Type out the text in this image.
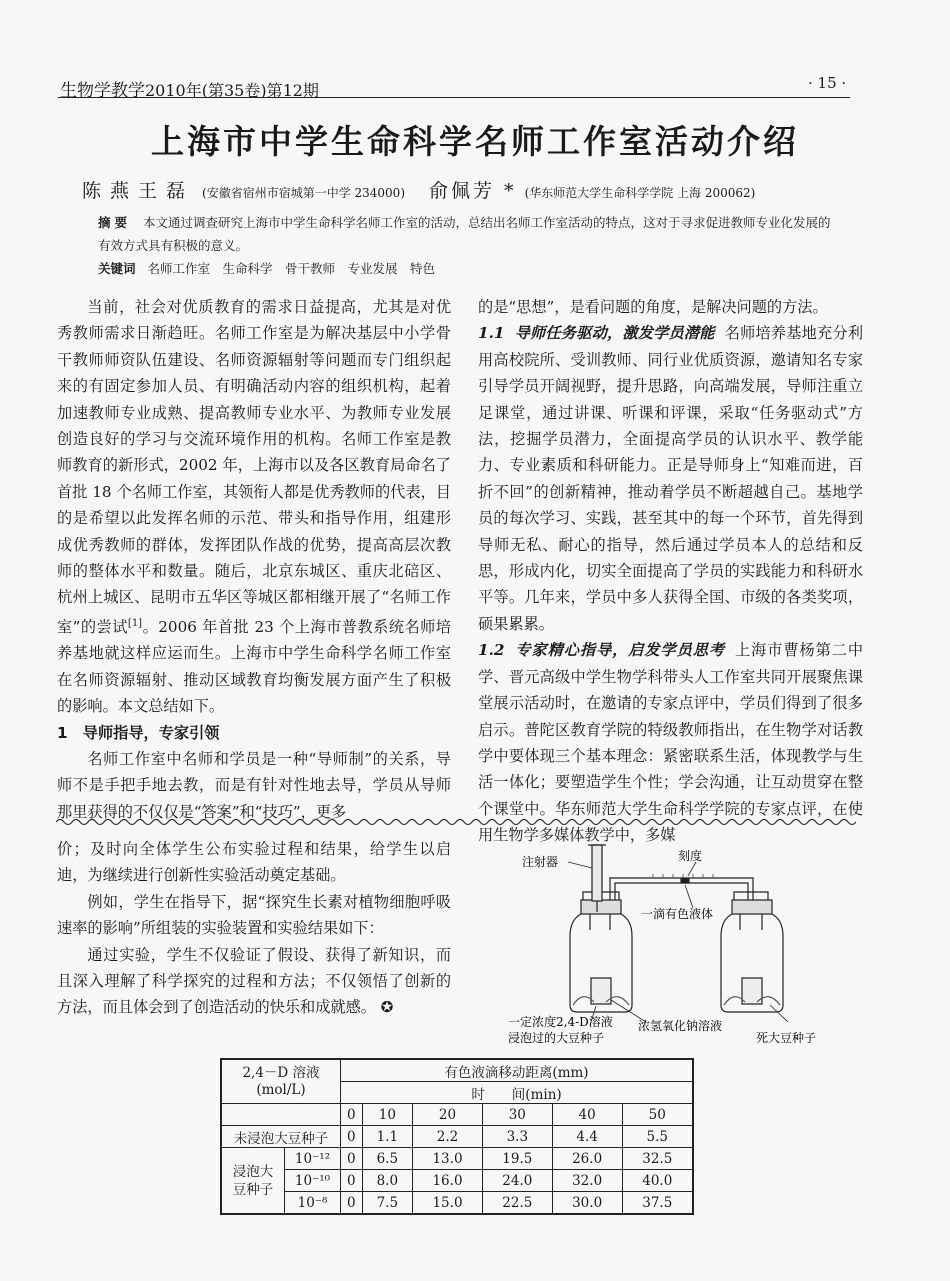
生物学教学2010年(第35卷)第12期	· 15 ·
上海市中学生命科学名师工作室活动介绍
陈燕王磊 (安徽省宿州市宿城第一中学 234000) 俞佩芳 * (华东师范大学生命科学学院 上海 200062)
摘要 本文通过调查研究上海市中学生命科学名师工作室的活动，总结出名师工作室活动的特点，这对于寻求促进教师专业化发展的有效方式具有积极的意义。
关键词 名师工作室　生命科学　骨干教师　专业发展　特色

当前，社会对优质教育的需求日益提高，尤其是对优秀教师需求日渐趋旺。名师工作室是为解决基层中小学骨干教师师资队伍建设、名师资源辐射等问题而专门组织起来的有固定参加人员、有明确活动内容的组织机构，起着加速教师专业成熟、提高教师专业水平、为教师专业发展创造良好的学习与交流环境作用的机构。名师工作室是教师教育的新形式，2002 年，上海市以及各区教育局命名了首批 18 个名师工作室，其领衔人都是优秀教师的代表，目的是希望以此发挥名师的示范、带头和指导作用，组建形成优秀教师的群体，发挥团队作战的优势，提高高层次教师的整体水平和数量。随后，北京东城区、重庆北碚区、杭州上城区、昆明市五华区等城区都相继开展了“名师工作室”的尝试[1]。2006 年首批 23 个上海市普教系统名师培养基地就这样应运而生。上海市中学生命科学名师工作室在名师资源辐射、推动区域教育均衡发展方面产生了积极的影响。本文总结如下。

1　导师指导，专家引领

名师工作室中名师和学员是一种“导师制”的关系，导师不是手把手地去教，而是有针对性地去导，学员从导师那里获得的不仅仅是“答案”和“技巧”，更多

的是“思想”，是看问题的角度，是解决问题的方法。

1.1 导师任务驱动，激发学员潜能 名师培养基地充分利用高校院所、受训教师、同行业优质资源，邀请知名专家引导学员开阔视野，提升思路，向高端发展，导师注重立足课堂，通过讲课、听课和评课，采取“任务驱动式”方法，挖掘学员潜力，全面提高学员的认识水平、教学能力、专业素质和科研能力。正是导师身上“知难而进，百折不回”的创新精神，推动着学员不断超越自己。基地学员的每次学习、实践，甚至其中的每一个环节，首先得到导师无私、耐心的指导，然后通过学员本人的总结和反思，形成内化，切实全面提高了学员的实践能力和科研水平等。几年来，学员中多人获得全国、市级的各类奖项，硕果累累。

1.2 专家精心指导，启发学员思考 上海市曹杨第二中学、晋元高级中学生物学科带头人工作室共同开展聚焦课堂展示活动时，在邀请的专家点评中，学员们得到了很多启示。普陀区教育学院的特级教师指出，在生物学对话教学中要体现三个基本理念：紧密联系生活，体现教学与生活一体化；要塑造学生个性；学会沟通，让互动贯穿在整个课堂中。华东师范大学生命科学学院的专家点评，在使用生物学多媒体教学中，多媒

价；及时向全体学生公布实验过程和结果，给学生以启迪，为继续进行创新性实验活动奠定基础。

例如，学生在指导下，据“探究生长素对植物细胞呼吸速率的影响”所组装的实验装置和实验结果如下：

通过实验，学生不仅验证了假设、获得了新知识，而且深入理解了科学探究的过程和方法；不仅领悟了创新的方法，而且体会到了创造活动的快乐和成就感。 ✪

注射器	刻度
一滴有色液体
浓氢氧化钠溶液
一定浓度2,4-D溶液
浸泡过的大豆种子	死大豆种子
2,4－D 溶液
(mol/L)		有色液滴移动距离(mm)					
		时　　间(min)					
		0	10	20	30	40	50
未浸泡大豆种子		0	1.1	2.2	3.3	4.4	5.5
浸泡大
豆种子	10⁻¹²	0	6.5	13.0	19.5	26.0	32.5
	10⁻¹⁰	0	8.0	16.0	24.0	32.0	40.0
	10⁻⁸	0	7.5	15.0	22.5	30.0	37.5
